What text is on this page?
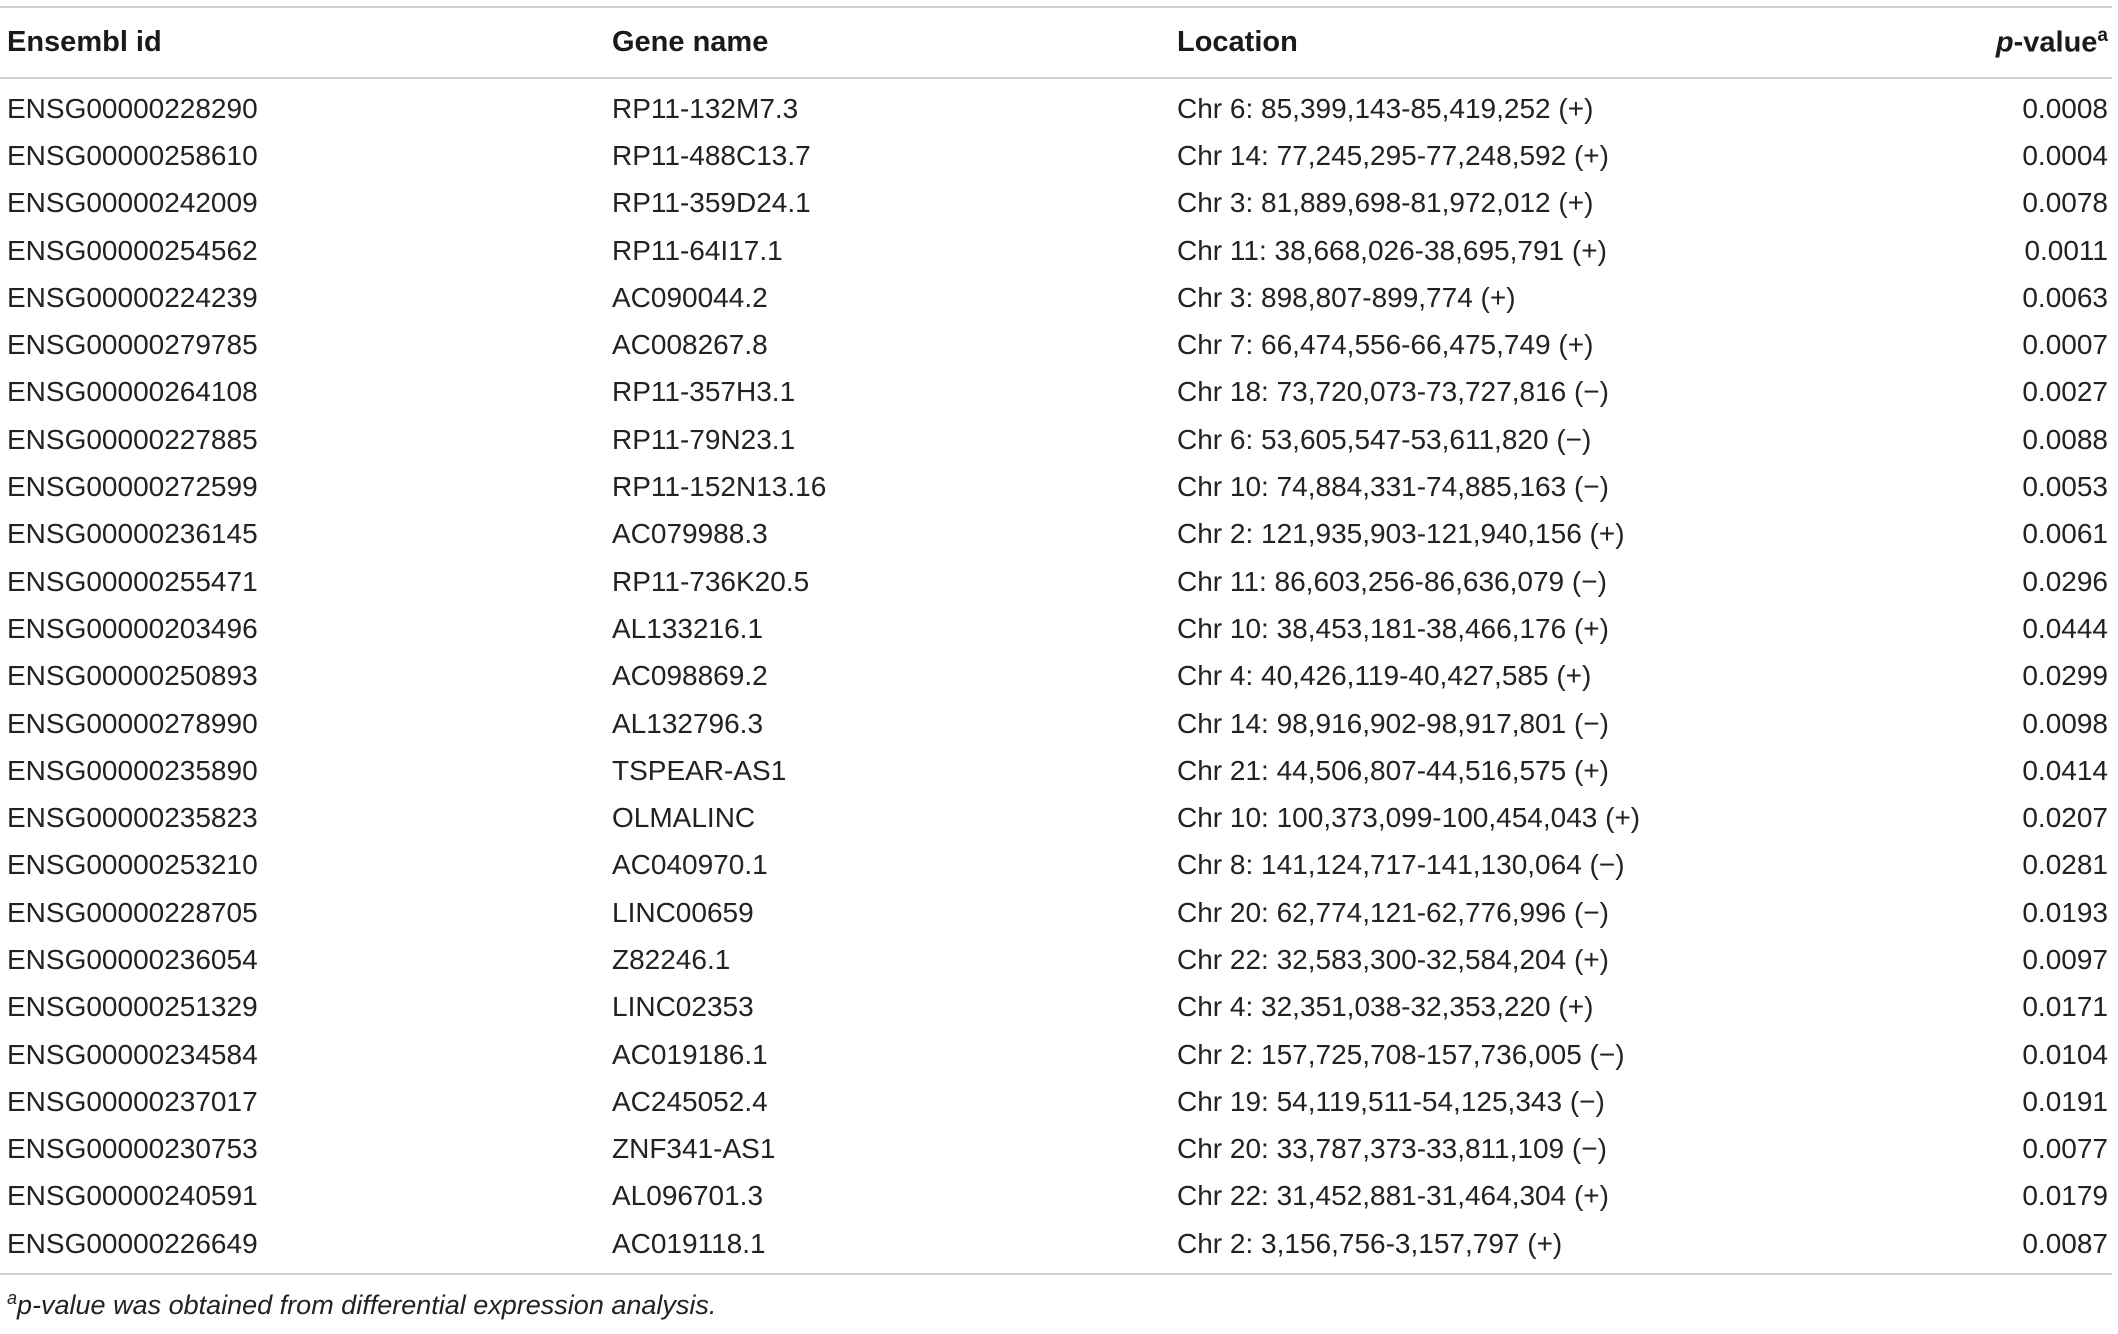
Ensembl id	Gene name	Location	p-value$^a$
ENSG00000228290	RP11-132M7.3	Chr 6: 85,399,143-85,419,252 (+)	0.0008
ENSG00000258610	RP11-488C13.7	Chr 14: 77,245,295-77,248,592 (+)	0.0004
ENSG00000242009	RP11-359D24.1	Chr 3: 81,889,698-81,972,012 (+)	0.0078
ENSG00000254562	RP11-64I17.1	Chr 11: 38,668,026-38,695,791 (+)	0.0011
ENSG00000224239	AC090044.2	Chr 3: 898,807-899,774 (+)	0.0063
ENSG00000279785	AC008267.8	Chr 7: 66,474,556-66,475,749 (+)	0.0007
ENSG00000264108	RP11-357H3.1	Chr 18: 73,720,073-73,727,816 (−)	0.0027
ENSG00000227885	RP11-79N23.1	Chr 6: 53,605,547-53,611,820 (−)	0.0088
ENSG00000272599	RP11-152N13.16	Chr 10: 74,884,331-74,885,163 (−)	0.0053
ENSG00000236145	AC079988.3	Chr 2: 121,935,903-121,940,156 (+)	0.0061
ENSG00000255471	RP11-736K20.5	Chr 11: 86,603,256-86,636,079 (−)	0.0296
ENSG00000203496	AL133216.1	Chr 10: 38,453,181-38,466,176 (+)	0.0444
ENSG00000250893	AC098869.2	Chr 4: 40,426,119-40,427,585 (+)	0.0299
ENSG00000278990	AL132796.3	Chr 14: 98,916,902-98,917,801 (−)	0.0098
ENSG00000235890	TSPEAR-AS1	Chr 21: 44,506,807-44,516,575 (+)	0.0414
ENSG00000235823	OLMALINC	Chr 10: 100,373,099-100,454,043 (+)	0.0207
ENSG00000253210	AC040970.1	Chr 8: 141,124,717-141,130,064 (−)	0.0281
ENSG00000228705	LINC00659	Chr 20: 62,774,121-62,776,996 (−)	0.0193
ENSG00000236054	Z82246.1	Chr 22: 32,583,300-32,584,204 (+)	0.0097
ENSG00000251329	LINC02353	Chr 4: 32,351,038-32,353,220 (+)	0.0171
ENSG00000234584	AC019186.1	Chr 2: 157,725,708-157,736,005 (−)	0.0104
ENSG00000237017	AC245052.4	Chr 19: 54,119,511-54,125,343 (−)	0.0191
ENSG00000230753	ZNF341-AS1	Chr 20: 33,787,373-33,811,109 (−)	0.0077
ENSG00000240591	AL096701.3	Chr 22: 31,452,881-31,464,304 (+)	0.0179
ENSG00000226649	AC019118.1	Chr 2: 3,156,756-3,157,797 (+)	0.0087
$^a$p-value was obtained from differential expression analysis.
